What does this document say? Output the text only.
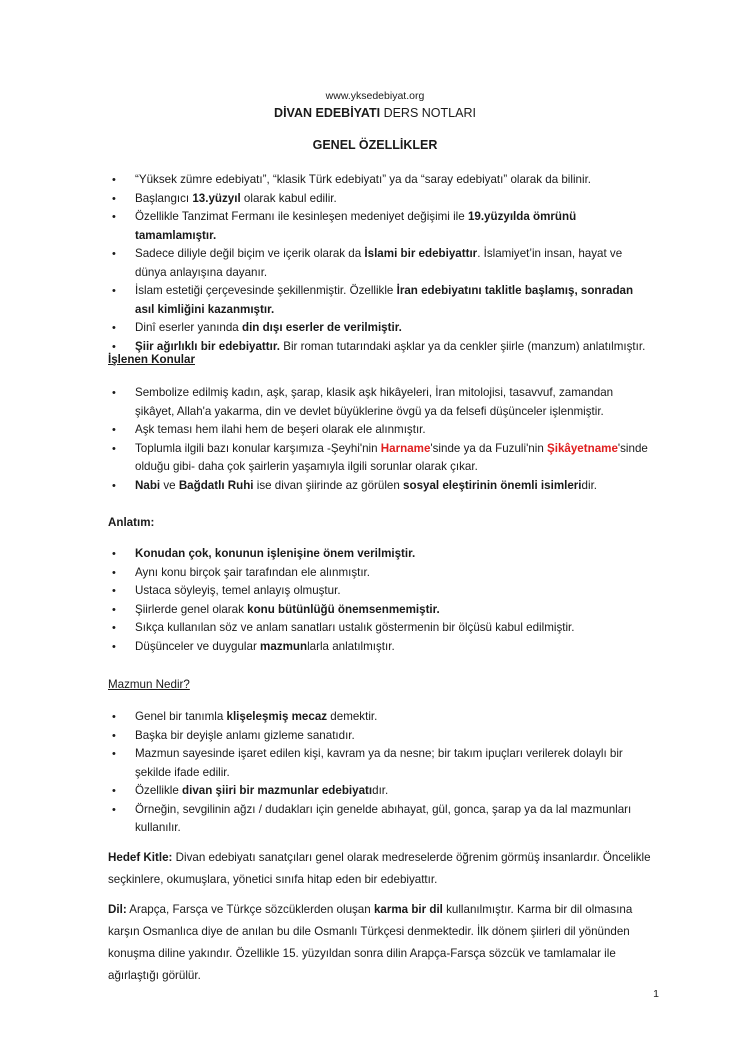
www.yksedebiyat.org
DİVAN EDEBİYATI DERS NOTLARI
GENEL ÖZELLİKLER
• “Yüksek zümre edebiyatı”, “klasik Türk edebiyatı” ya da “saray edebiyatı” olarak da bilinir.
• Başlangıcı 13.yüzyıl olarak kabul edilir.
• Özellikle Tanzimat Fermanı ile kesinleşen medeniyet değişimi ile 19.yüzyılda ömrünü tamamlamıştır.
• Sadece diliyle değil biçim ve içerik olarak da İslami bir edebiyattır. İslamiyet’in insan, hayat ve dünya anlayışına dayanır.
• İslam estetiği çerçevesinde şekillenmiştir. Özellikle İran edebiyatını taklitle başlamış, sonradan asıl kimliğini kazanmıştır.
• Dinî eserler yanında din dışı eserler de verilmiştir.
• Şiir ağırlıklı bir edebiyattır. Bir roman tutarındaki aşklar ya da cenkler şiirle (manzum) anlatılmıştır.
İşlenen Konular
• Sembolize edilmiş kadın, aşk, şarap, klasik aşk hikâyeleri, İran mitolojisi, tasavvuf, zamandan şikâyet, Allah'a yakarma, din ve devlet büyüklerine övgü ya da felsefi düşünceler işlenmiştir.
• Aşk teması hem ilahi hem de beşeri olarak ele alınmıştır.
• Toplumla ilgili bazı konular karşımıza -Şeyhi'nin Harname'sinde ya da Fuzuli'nin Şikâyetname'sinde olduğu gibi- daha çok şairlerin yaşamıyla ilgili sorunlar olarak çıkar.
• Nabi ve Bağdatlı Ruhi ise divan şiirinde az görülen sosyal eleştirinin önemli isimleridir.
Anlatım:
• Konudan çok, konunun işlenişine önem verilmiştir.
• Aynı konu birçok şair tarafından ele alınmıştır.
• Ustaca söyleyiş, temel anlayış olmuştur.
• Şiirlerde genel olarak konu bütünlüğü önemsenmemiştir.
• Sıkça kullanılan söz ve anlam sanatları ustalık göstermenin bir ölçüsü kabul edilmiştir.
• Düşünceler ve duygular mazmunlarla anlatılmıştır.
Mazmun Nedir?
• Genel bir tanımla klişeleşmiş mecaz demektir.
• Başka bir deyişle anlamı gizleme sanatıdır.
• Mazmun sayesinde işaret edilen kişi, kavram ya da nesne; bir takım ipuçları verilerek dolaylı bir şekilde ifade edilir.
• Özellikle divan şiiri bir mazmunlar edebiyatıdır.
• Örneğin, sevgilinin ağzı / dudakları için genelde abıhayat, gül, gonca, şarap ya da lal mazmunları kullanılır.
Hedef Kitle: Divan edebiyatı sanatçıları genel olarak medreselerde öğrenim görmüş insanlardır. Öncelikle seçkinlere, okumuşlara, yönetici sınıfa hitap eden bir edebiyattır.
Dil: Arapça, Farsça ve Türkçe sözcüklerden oluşan karma bir dil kullanılmıştır. Karma bir dil olmasına karşın Osmanlıca diye de anılan bu dile Osmanlı Türkçesi denmektedir. İlk dönem şiirleri dil yönünden konuşma diline yakındır. Özellikle 15. yüzyıldan sonra dilin Arapça-Farsça sözcük ve tamlamalar ile ağırlaştığı görülür.
1
